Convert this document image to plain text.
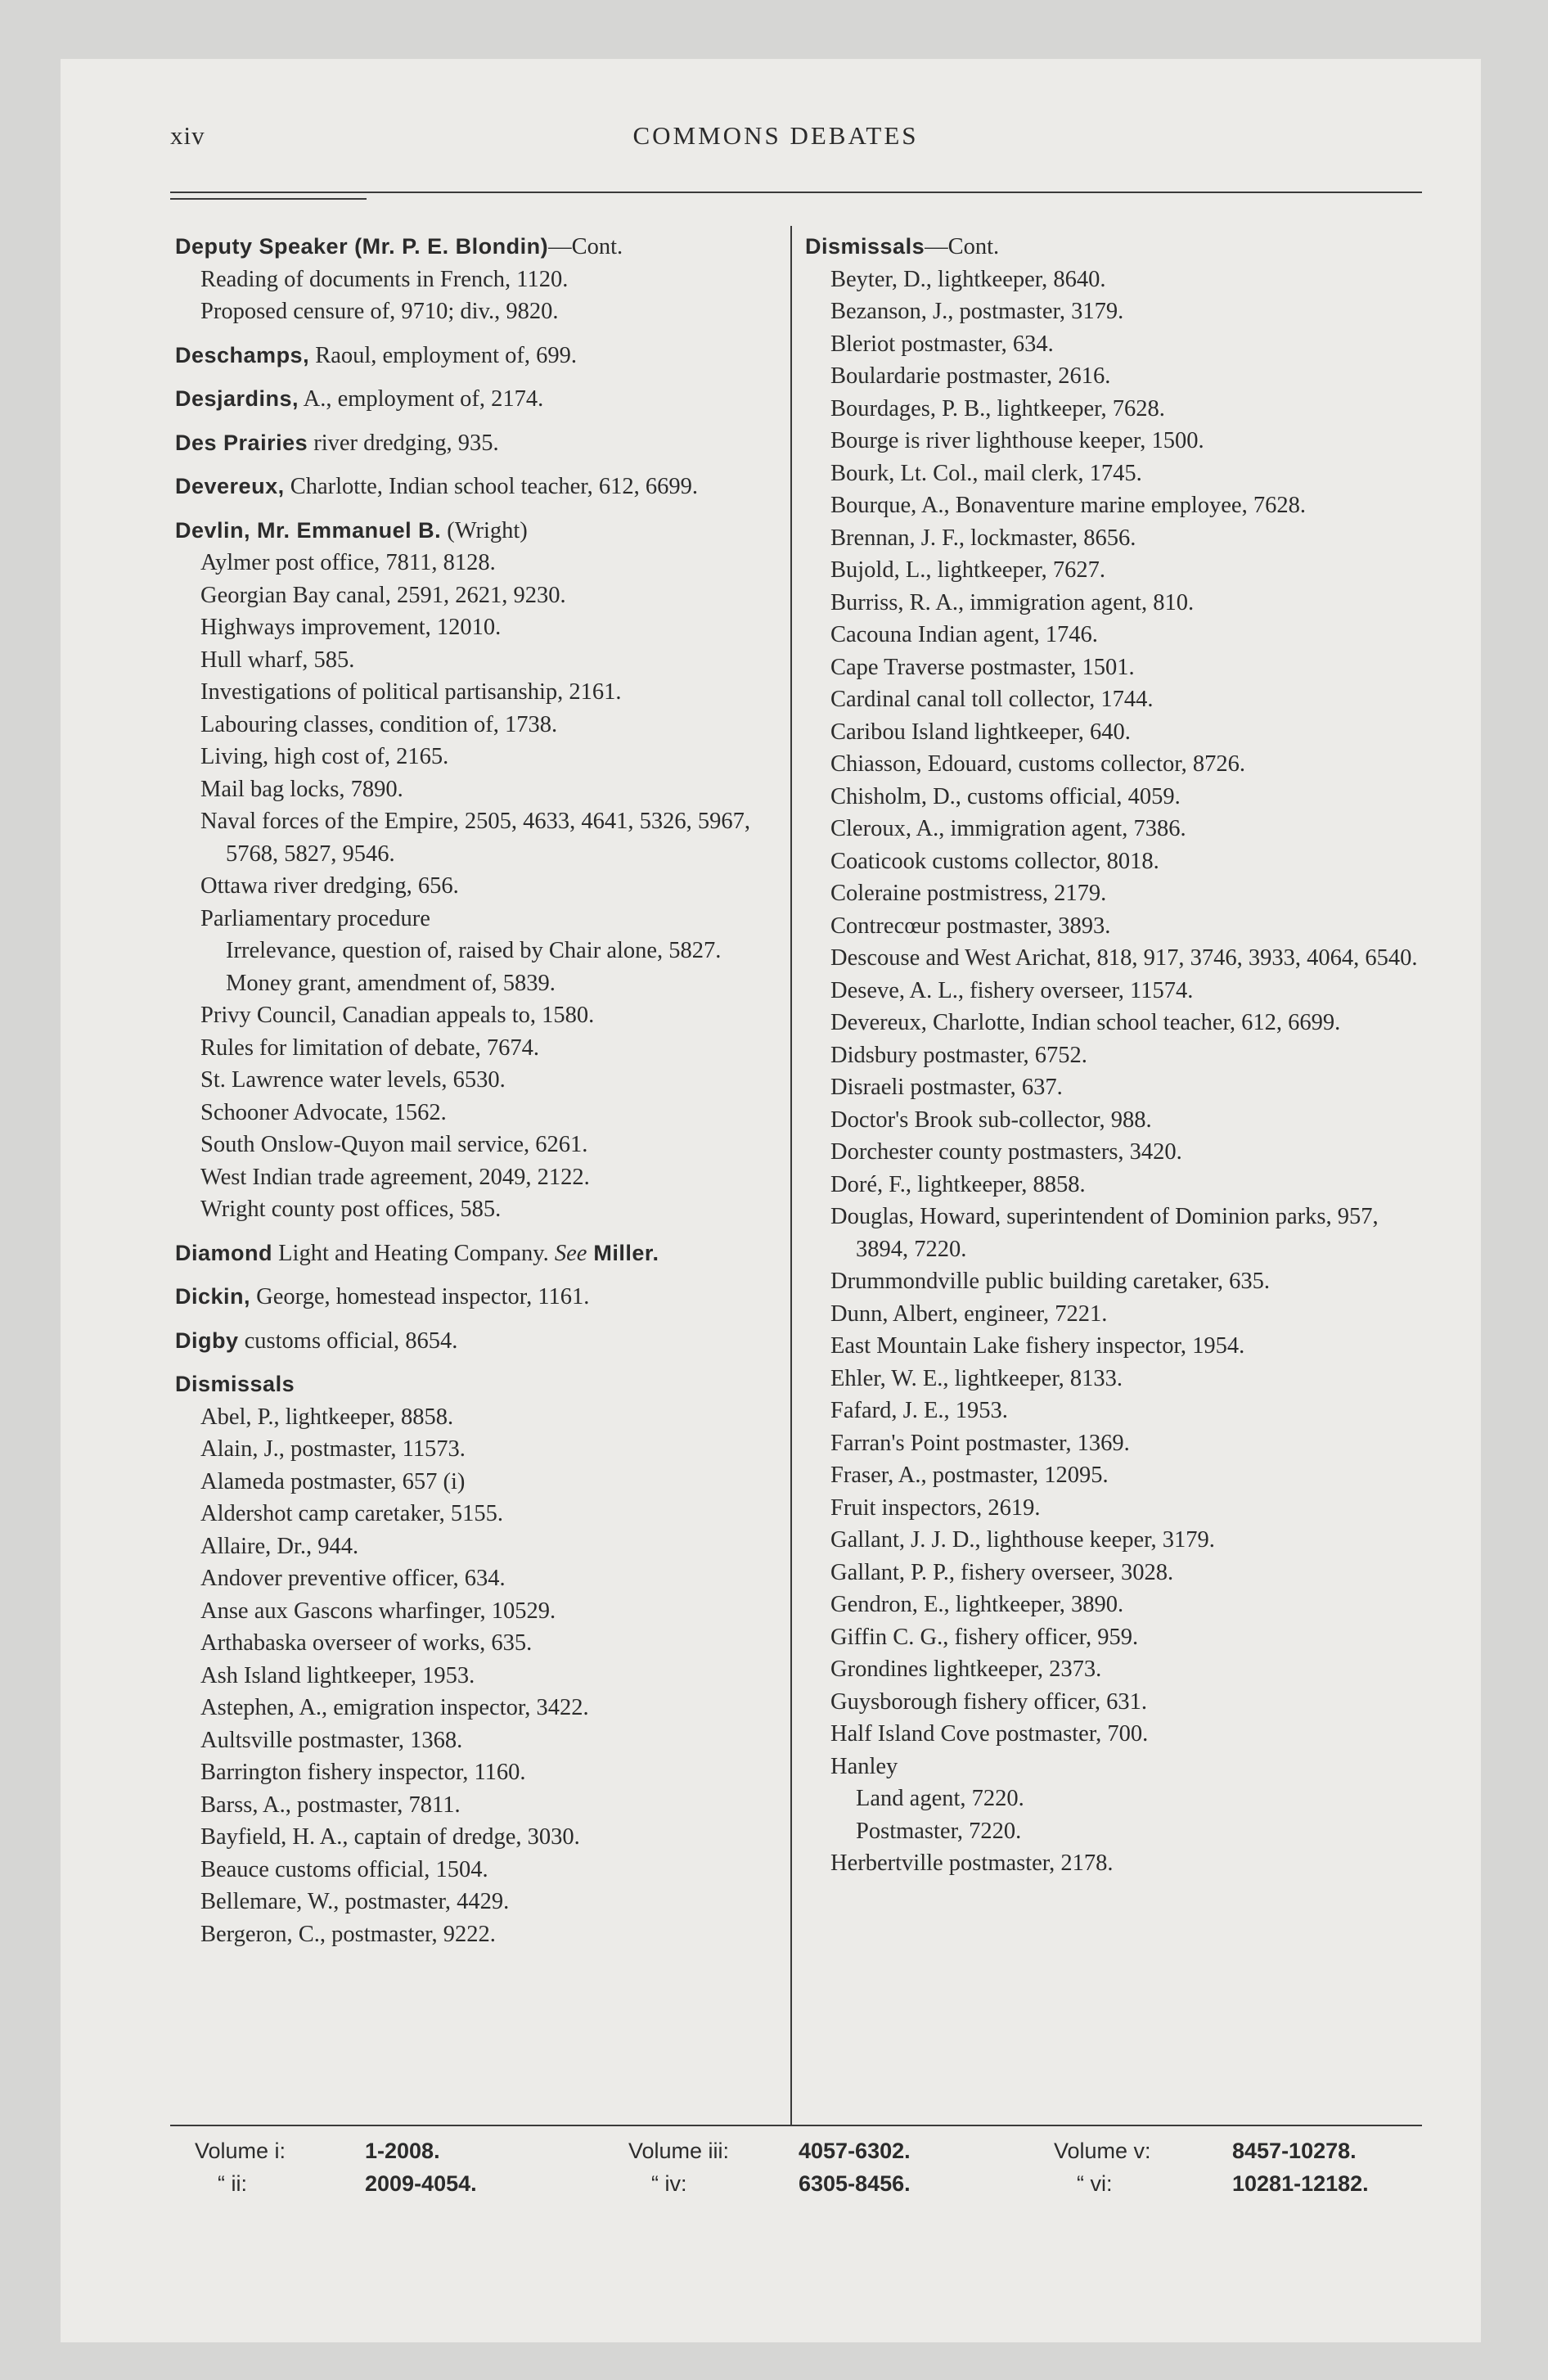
xiv	COMMONS DEBATES

Deputy Speaker (Mr. P. E. Blondin)—Cont.

Reading of documents in French, 1120.

Proposed censure of, 9710; div., 9820.

Deschamps, Raoul, employment of, 699.

Desjardins, A., employment of, 2174.

Des Prairies river dredging, 935.

Devereux, Charlotte, Indian school teacher, 612, 6699.

Devlin, Mr. Emmanuel B. (Wright)

Aylmer post office, 7811, 8128.

Georgian Bay canal, 2591, 2621, 9230.

Highways improvement, 12010.

Hull wharf, 585.

Investigations of political partisanship, 2161.

Labouring classes, condition of, 1738.

Living, high cost of, 2165.

Mail bag locks, 7890.

Naval forces of the Empire, 2505, 4633, 4641, 5326, 5967, 5768, 5827, 9546.

Ottawa river dredging, 656.

Parliamentary procedure

Irrelevance, question of, raised by Chair alone, 5827.

Money grant, amendment of, 5839.

Privy Council, Canadian appeals to, 1580.

Rules for limitation of debate, 7674.

St. Lawrence water levels, 6530.

Schooner Advocate, 1562.

South Onslow-Quyon mail service, 6261.

West Indian trade agreement, 2049, 2122.

Wright county post offices, 585.

Diamond Light and Heating Company. See Miller.

Dickin, George, homestead inspector, 1161.

Digby customs official, 8654.

Dismissals

Abel, P., lightkeeper, 8858.

Alain, J., postmaster, 11573.

Alameda postmaster, 657 (i)

Aldershot camp caretaker, 5155.

Allaire, Dr., 944.

Andover preventive officer, 634.

Anse aux Gascons wharfinger, 10529.

Arthabaska overseer of works, 635.

Ash Island lightkeeper, 1953.

Astephen, A., emigration inspector, 3422.

Aultsville postmaster, 1368.

Barrington fishery inspector, 1160.

Barss, A., postmaster, 7811.

Bayfield, H. A., captain of dredge, 3030.

Beauce customs official, 1504.

Bellemare, W., postmaster, 4429.

Bergeron, C., postmaster, 9222.

Dismissals—Cont.

Beyter, D., lightkeeper, 8640.

Bezanson, J., postmaster, 3179.

Bleriot postmaster, 634.

Boulardarie postmaster, 2616.

Bourdages, P. B., lightkeeper, 7628.

Bourge is river lighthouse keeper, 1500.

Bourk, Lt. Col., mail clerk, 1745.

Bourque, A., Bonaventure marine employee, 7628.

Brennan, J. F., lockmaster, 8656.

Bujold, L., lightkeeper, 7627.

Burriss, R. A., immigration agent, 810.

Cacouna Indian agent, 1746.

Cape Traverse postmaster, 1501.

Cardinal canal toll collector, 1744.

Caribou Island lightkeeper, 640.

Chiasson, Edouard, customs collector, 8726.

Chisholm, D., customs official, 4059.

Cleroux, A., immigration agent, 7386.

Coaticook customs collector, 8018.

Coleraine postmistress, 2179.

Contrecœur postmaster, 3893.

Descouse and West Arichat, 818, 917, 3746, 3933, 4064, 6540.

Deseve, A. L., fishery overseer, 11574.

Devereux, Charlotte, Indian school teacher, 612, 6699.

Didsbury postmaster, 6752.

Disraeli postmaster, 637.

Doctor's Brook sub-collector, 988.

Dorchester county postmasters, 3420.

Doré, F., lightkeeper, 8858.

Douglas, Howard, superintendent of Dominion parks, 957, 3894, 7220.

Drummondville public building caretaker, 635.

Dunn, Albert, engineer, 7221.

East Mountain Lake fishery inspector, 1954.

Ehler, W. E., lightkeeper, 8133.

Fafard, J. E., 1953.

Farran's Point postmaster, 1369.

Fraser, A., postmaster, 12095.

Fruit inspectors, 2619.

Gallant, J. J. D., lighthouse keeper, 3179.

Gallant, P. P., fishery overseer, 3028.

Gendron, E., lightkeeper, 3890.

Giffin C. G., fishery officer, 959.

Grondines lightkeeper, 2373.

Guysborough fishery officer, 631.

Half Island Cove postmaster, 700.

Hanley

Land agent, 7220.

Postmaster, 7220.

Herbertville postmaster, 2178.

Volume i:	1-2008.
“ ii:	2009-4054.
Volume iii:	4057-6302.
“ iv:	6305-8456.
Volume v:	8457-10278.
“ vi:	10281-12182.
